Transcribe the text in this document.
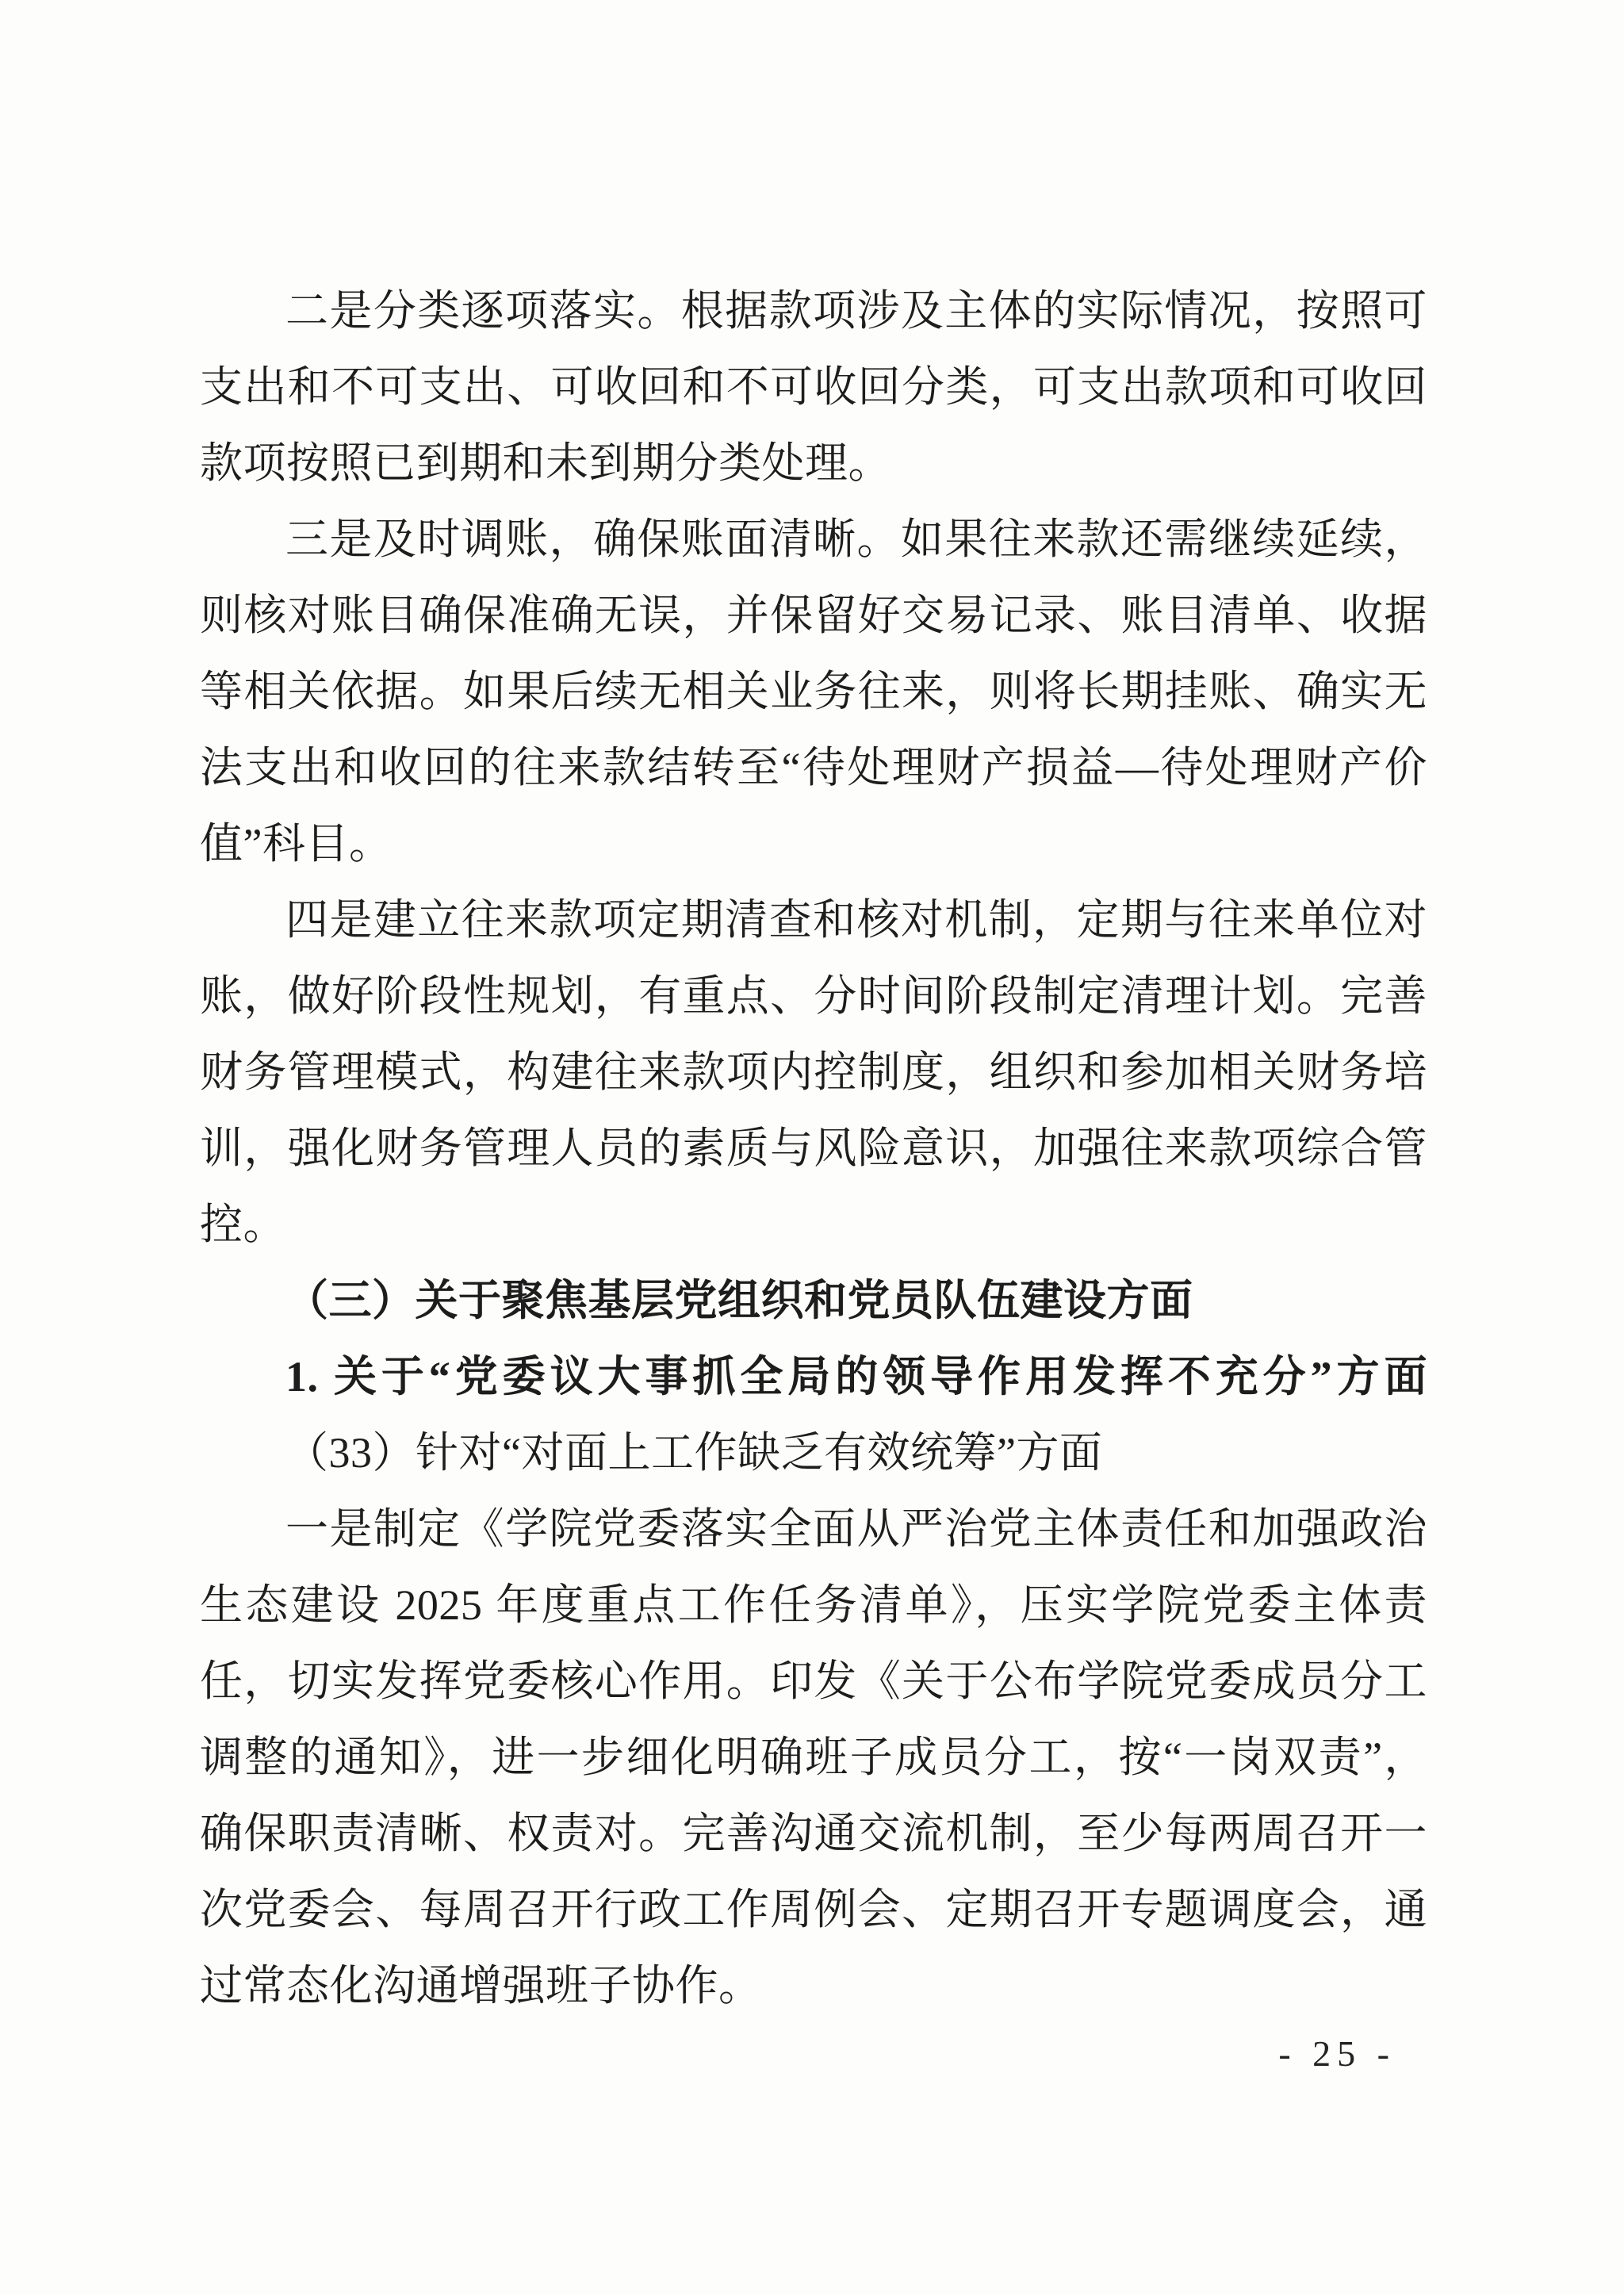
二是分类逐项落实。根据款项涉及主体的实际情况，按照可
支出和不可支出、可收回和不可收回分类，可支出款项和可收回
款项按照已到期和未到期分类处理。
三是及时调账，确保账面清晰。如果往来款还需继续延续，
则核对账目确保准确无误，并保留好交易记录、账目清单、收据
等相关依据。如果后续无相关业务往来，则将长期挂账、确实无
法支出和收回的往来款结转至“待处理财产损益—待处理财产价
值”科目。
四是建立往来款项定期清查和核对机制，定期与往来单位对
账，做好阶段性规划，有重点、分时间阶段制定清理计划。完善
财务管理模式，构建往来款项内控制度，组织和参加相关财务培
训，强化财务管理人员的素质与风险意识，加强往来款项综合管
控。
（三）关于聚焦基层党组织和党员队伍建设方面
1. 关于“党委议大事抓全局的领导作用发挥不充分”方面
（33）针对“对面上工作缺乏有效统筹”方面
一是制定《学院党委落实全面从严治党主体责任和加强政治
生态建设 2025 年度重点工作任务清单》，压实学院党委主体责
任，切实发挥党委核心作用。印发《关于公布学院党委成员分工
调整的通知》，进一步细化明确班子成员分工，按“一岗双责”，
确保职责清晰、权责对。完善沟通交流机制，至少每两周召开一
次党委会、每周召开行政工作周例会、定期召开专题调度会，通
过常态化沟通增强班子协作。
- 25 -
